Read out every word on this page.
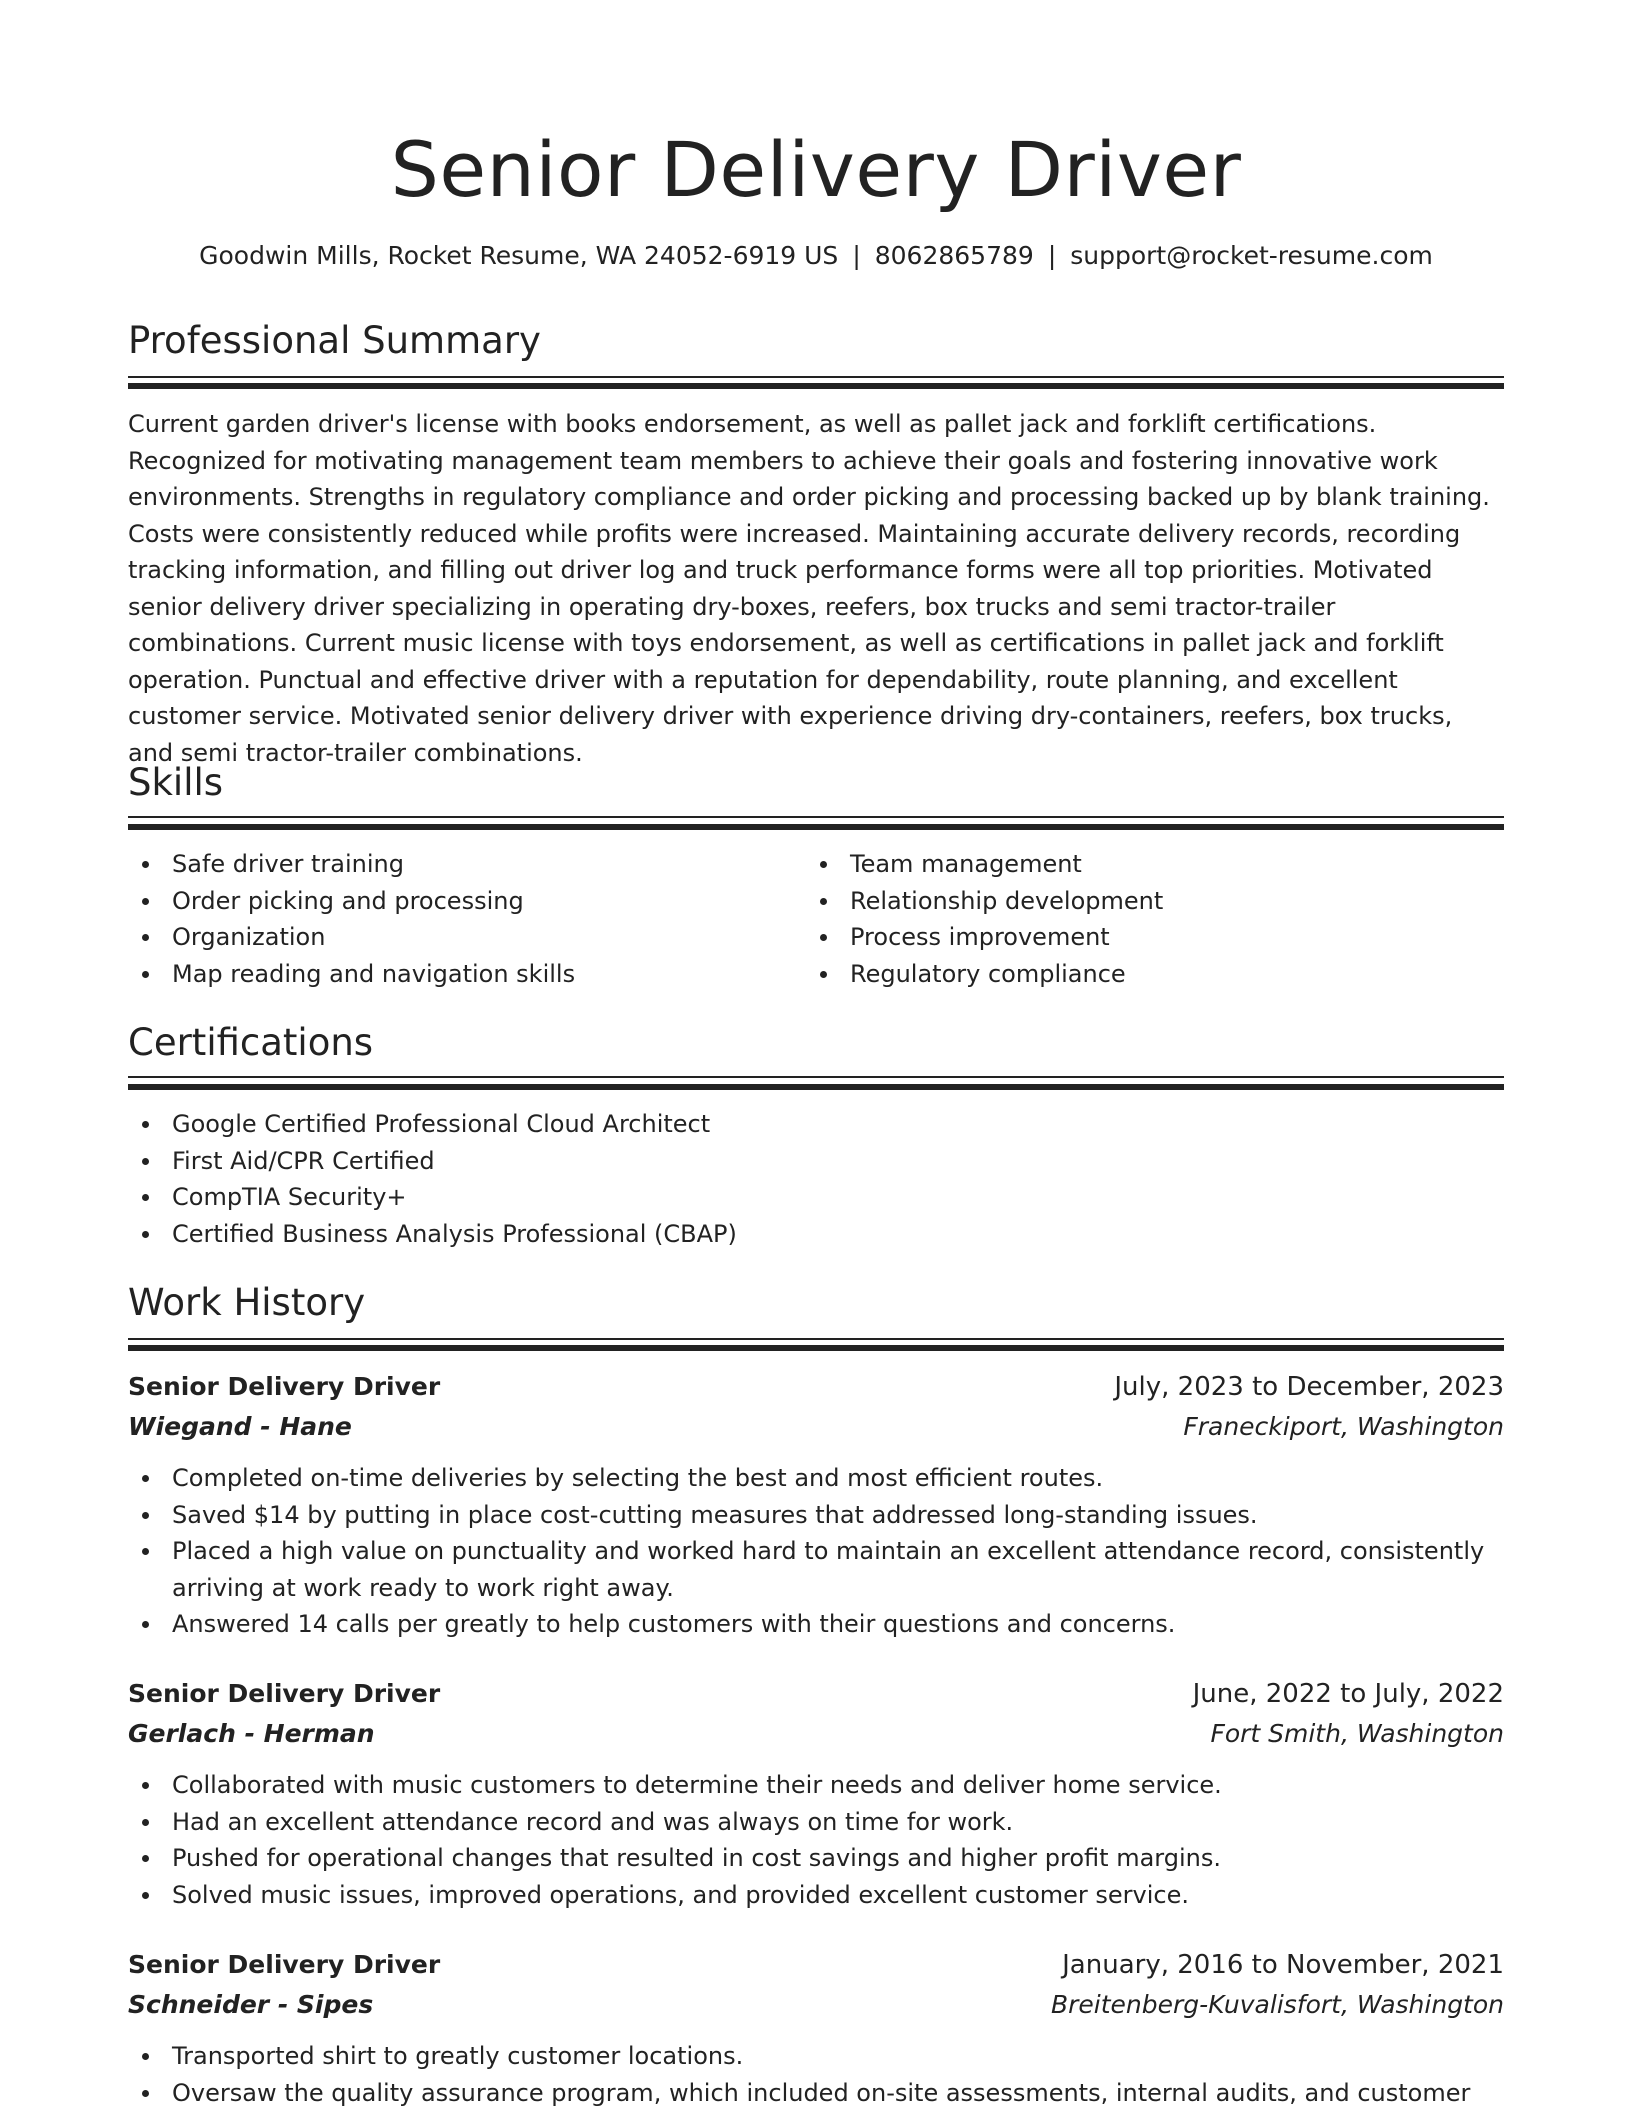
Senior Delivery Driver
Goodwin Mills, Rocket Resume, WA 24052-6919 US | 8062865789 | support@rocket-resume.com
Professional Summary

Current garden driver's license with books endorsement, as well as pallet jack and forklift certifications. Recognized for motivating management team members to achieve their goals and fostering innovative work environments. Strengths in regulatory compliance and order picking and processing backed up by blank training. Costs were consistently reduced while profits were increased. Maintaining accurate delivery records, recording tracking information, and filling out driver log and truck performance forms were all top priorities. Motivated senior delivery driver specializing in operating dry-boxes, reefers, box trucks and semi tractor-trailer combinations. Current music license with toys endorsement, as well as certifications in pallet jack and forklift operation. Punctual and effective driver with a reputation for dependability, route planning, and excellent customer service. Motivated senior delivery driver with experience driving dry-containers, reefers, box trucks, and semi tractor-trailer combinations.

Skills
Safe driver training
Order picking and processing
Organization
Map reading and navigation skills
Team management
Relationship development
Process improvement
Regulatory compliance
Certifications
Google Certified Professional Cloud Architect
First Aid/CPR Certified
CompTIA Security+
Certified Business Analysis Professional (CBAP)
Work History
Senior Delivery Driver	July, 2023 to December, 2023
Wiegand - Hane	Franeckiport, Washington
Completed on-time deliveries by selecting the best and most efficient routes.
Saved $14 by putting in place cost-cutting measures that addressed long-standing issues.
Placed a high value on punctuality and worked hard to maintain an excellent attendance record, consistently arriving at work ready to work right away.
Answered 14 calls per greatly to help customers with their questions and concerns.
Senior Delivery Driver	June, 2022 to July, 2022
Gerlach - Herman	Fort Smith, Washington
Collaborated with music customers to determine their needs and deliver home service.
Had an excellent attendance record and was always on time for work.
Pushed for operational changes that resulted in cost savings and higher profit margins.
Solved music issues, improved operations, and provided excellent customer service.
Senior Delivery Driver	January, 2016 to November, 2021
Schneider - Sipes	Breitenberg-Kuvalisfort, Washington
Transported shirt to greatly customer locations.
Oversaw the quality assurance program, which included on-site assessments, internal audits, and customer
